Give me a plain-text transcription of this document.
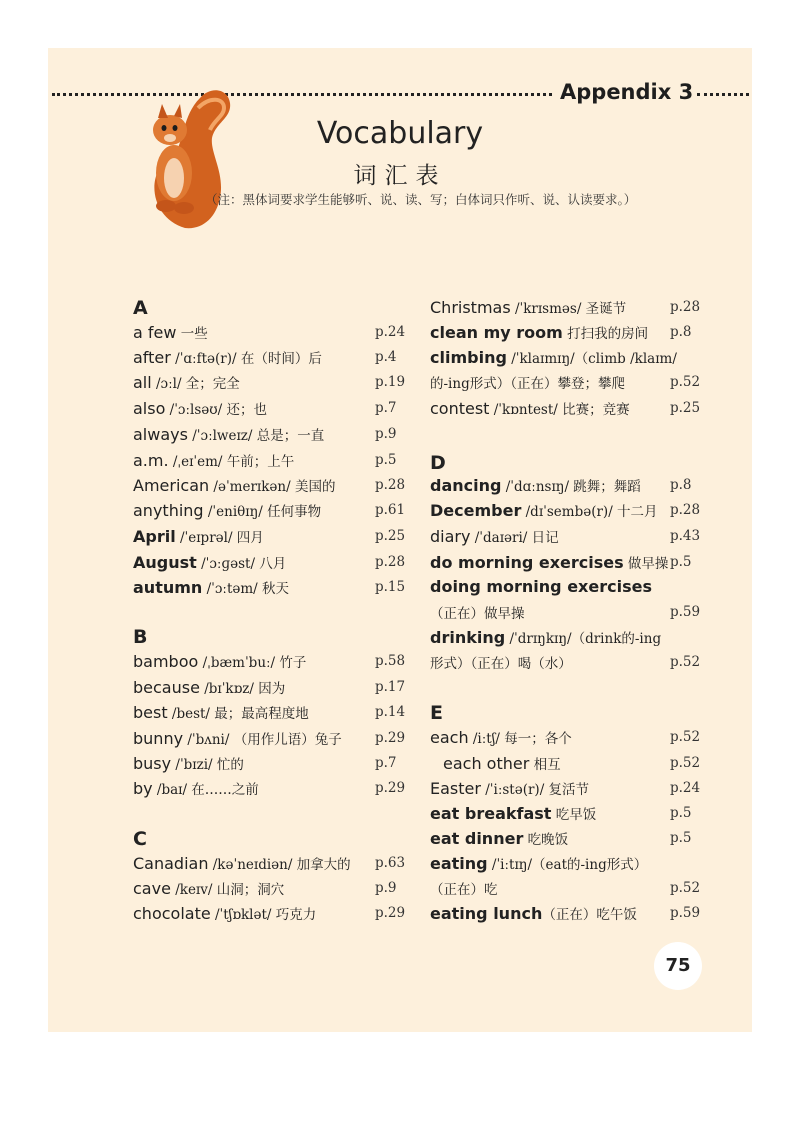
Appendix 3
Vocabulary
词汇表
（注：黑体词要求学生能够听、说、读、写；白体词只作听、说、认读要求。）
A
a few 一些	p.24
after /ˈɑːftə(r)/ 在（时间）后	p.4
all /ɔːl/ 全；完全	p.19
also /ˈɔːlsəʊ/ 还；也	p.7
always /ˈɔːlweɪz/ 总是；一直	p.9
a.m. /ˌeɪˈem/ 午前；上午	p.5
American /əˈmerɪkən/ 美国的	p.28
anything /ˈeniθɪŋ/ 任何事物	p.61
April /ˈeɪprəl/ 四月	p.25
August /ˈɔːɡəst/ 八月	p.28
autumn /ˈɔːtəm/ 秋天	p.15
B
bamboo /ˌbæmˈbuː/ 竹子	p.58
because /bɪˈkɒz/ 因为	p.17
best /best/ 最；最高程度地	p.14
bunny /ˈbʌni/ （用作儿语）兔子 p.29
busy /ˈbɪzi/ 忙的	p.7
by /baɪ/ 在……之前	p.29
C
Canadian /kəˈneɪdiən/ 加拿大的 p.63
cave /keɪv/ 山洞；洞穴	p.9
chocolate /ˈtʃɒklət/ 巧克力	p.29
Christmas /ˈkrɪsməs/ 圣诞节	p.28
clean my room 打扫我的房间 p.8
climbing /ˈklaɪmɪŋ/（climb /klaɪm/
的-ing形式）（正在）攀登；攀爬	p.52
contest /ˈkɒntest/ 比赛；竞赛	p.25
D
dancing /ˈdɑːnsɪŋ/ 跳舞；舞蹈 p.8
December /dɪˈsembə(r)/ 十二月 p.28
diary /ˈdaɪəri/ 日记	p.43
do morning exercises 做早操 p.5
doing morning exercises
（正在）做早操	p.59
drinking /ˈdrɪŋkɪŋ/（drink的-ing
形式）（正在）喝（水）	p.52
E
each /iːtʃ/ 每一；各个	p.52
each other 相互	p.52
Easter /ˈiːstə(r)/ 复活节	p.24
eat breakfast 吃早饭	p.5
eat dinner 吃晚饭	p.5
eating /ˈiːtɪŋ/（eat的-ing形式）
（正在）吃	p.52
eating lunch（正在）吃午饭 p.59
75
